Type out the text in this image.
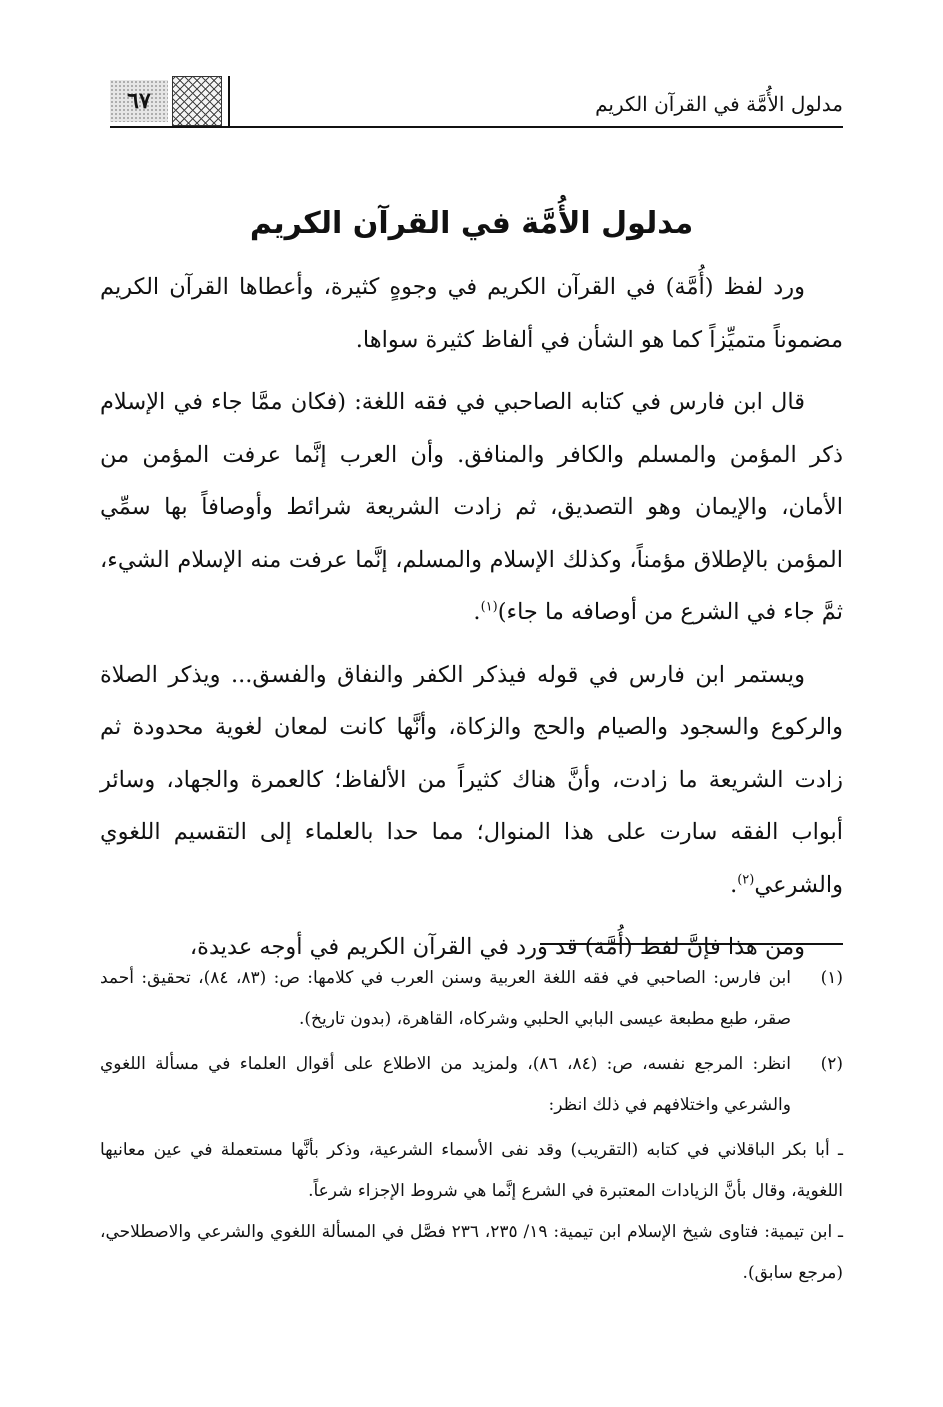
٦٧	مدلول الأُمَّة في القرآن الكريم
مدلول الأُمَّة في القرآن الكريم

ورد لفظ (أُمَّة) في القرآن الكريم في وجوهٍ كثيرة، وأعطاها القرآن الكريم مضموناً متميِّزاً كما هو الشأن في ألفاظ كثيرة سواها.

قال ابن فارس في كتابه الصاحبي في فقه اللغة: (فكان ممَّا جاء في الإسلام ذكر المؤمن والمسلم والكافر والمنافق. وأن العرب إنَّما عرفت المؤمن من الأمان، والإيمان وهو التصديق، ثم زادت الشريعة شرائط وأوصافاً بها سمِّي المؤمن بالإطلاق مؤمناً، وكذلك الإسلام والمسلم، إنَّما عرفت منه الإسلام الشيء، ثمَّ جاء في الشرع من أوصافه ما جاء)$^{(١)}$.

ويستمر ابن فارس في قوله فيذكر الكفر والنفاق والفسق... ويذكر الصلاة والركوع والسجود والصيام والحج والزكاة، وأنَّها كانت لمعان لغوية محدودة ثم زادت الشريعة ما زادت، وأنَّ هناك كثيراً من الألفاظ؛ كالعمرة والجهاد، وسائر أبواب الفقه سارت على هذا المنوال؛ مما حدا بالعلماء إلى التقسيم اللغوي والشرعي$^{(٢)}$.

ومن هذا فإنَّ لفظ (أُمَّة) قد ورد في القرآن الكريم في أوجه عديدة،

(١)
ابن فارس: الصاحبي في فقه اللغة العربية وسنن العرب في كلامها: ص: (٨٣، ٨٤)، تحقيق: أحمد صقر، طبع مطبعة عيسى البابي الحلبي وشركاه، القاهرة، (بدون تاريخ).
(٢)
انظر: المرجع نفسه، ص: (٨٤، ٨٦)، ولمزيد من الاطلاع على أقوال العلماء في مسألة اللغوي والشرعي واختلافهم في ذلك انظر:
ـ أبا بكر الباقلاني في كتابه (التقريب) وقد نفى الأسماء الشرعية، وذكر بأنَّها مستعملة في عين معانيها اللغوية، وقال بأنَّ الزيادات المعتبرة في الشرع إنَّما هي شروط الإجزاء شرعاً.
ـ ابن تيمية: فتاوى شيخ الإسلام ابن تيمية: ١٩/ ٢٣٥، ٢٣٦ فصَّل في المسألة اللغوي والشرعي والاصطلاحي، (مرجع سابق).
